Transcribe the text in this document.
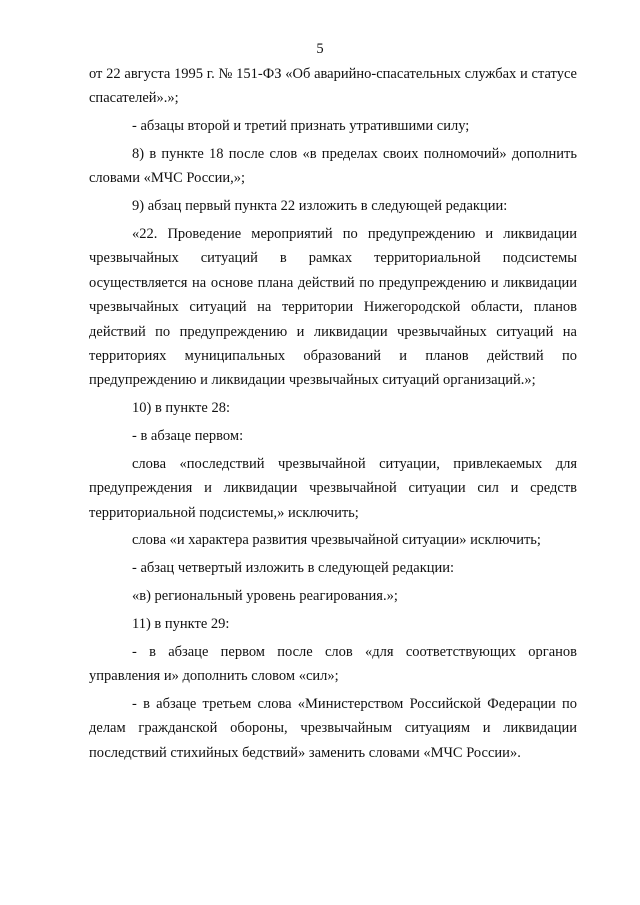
5

от 22 августа 1995 г. № 151-ФЗ «Об аварийно-спасательных службах и статусе спасателей».»;

- абзацы второй и третий признать утратившими силу;

8) в пункте 18 после слов «в пределах своих полномочий» дополнить словами «МЧС России,»;

9) абзац первый пункта 22 изложить в следующей редакции:

«22. Проведение мероприятий по предупреждению и ликвидации чрезвычайных ситуаций в рамках территориальной подсистемы осуществляется на основе плана действий по предупреждению и ликвидации чрезвычайных ситуаций на территории Нижегородской области, планов действий по предупреждению и ликвидации чрезвычайных ситуаций на территориях муниципальных образований и планов действий по предупреждению и ликвидации чрезвычайных ситуаций организаций.»;

10) в пункте 28:

- в абзаце первом:

слова «последствий чрезвычайной ситуации, привлекаемых для предупреждения и ликвидации чрезвычайной ситуации сил и средств территориальной подсистемы,» исключить;

слова «и характера развития чрезвычайной ситуации» исключить;

- абзац четвертый изложить в следующей редакции:

«в) региональный уровень реагирования.»;

11) в пункте 29:

- в абзаце первом после слов «для соответствующих органов управления и» дополнить словом «сил»;

- в абзаце третьем слова «Министерством Российской Федерации по делам гражданской обороны, чрезвычайным ситуациям и ликвидации последствий стихийных бедствий» заменить словами «МЧС России».
